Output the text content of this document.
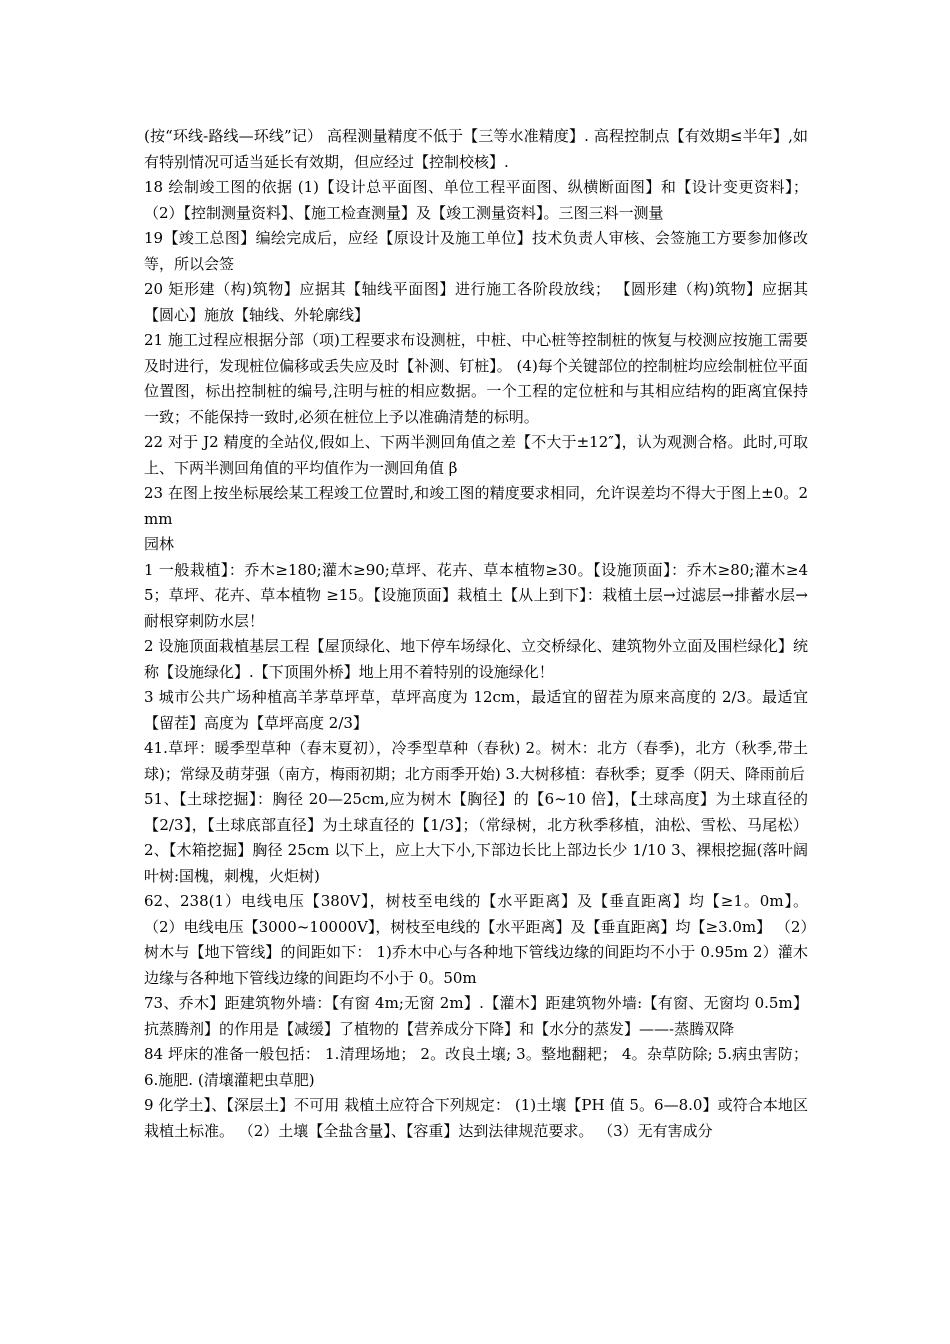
(按“环线-路线—环线”记） 高程测量精度不低于【三等水准精度】. 高程控制点【有效期≤半年】,如有特别情况可适当延长有效期，但应经过【控制校核】.

18 绘制竣工图的依据 (1)【设计总平面图、单位工程平面图、纵横断面图】和【设计变更资料】；（2）【控制测量资料】、【施工检查测量】及【竣工测量资料】。三图三料一测量

19【竣工总图】编绘完成后，应经【原设计及施工单位】技术负责人审核、会签施工方要参加修改等，所以会签

20 矩形建（构)筑物】应据其【轴线平面图】进行施工各阶段放线； 【圆形建（构)筑物】应据其【圆心】施放【轴线、外轮廓线】

21 施工过程应根据分部（项)工程要求布设测桩，中桩、中心桩等控制桩的恢复与校测应按施工需要及时进行，发现桩位偏移或丢失应及时【补测、钉桩】。 (4)每个关键部位的控制桩均应绘制桩位平面位置图，标出控制桩的编号,注明与桩的相应数据。一个工程的定位桩和与其相应结构的距离宜保持一致；不能保持一致时,必须在桩位上予以准确清楚的标明。

22 对于 J2 精度的全站仪,假如上、下两半测回角值之差【不大于±12″】，认为观测合格。此时,可取上、下两半测回角值的平均值作为一测回角值 β

23 在图上按坐标展绘某工程竣工位置时,和竣工图的精度要求相同，允许误差均不得大于图上±0。2mm

园林

1 一般栽植】：乔木≥180;灌木≥90;草坪、花卉、草本植物≥30。【设施顶面】：乔木≥80;灌木≥45；草坪、花卉、草本植物 ≥15。【设施顶面】栽植土【从上到下】：栽植土层→过滤层→排蓄水层→耐根穿刺防水层！

2 设施顶面栽植基层工程【屋顶绿化、地下停车场绿化、立交桥绿化、建筑物外立面及围栏绿化】统称【设施绿化】.【下顶围外桥】地上用不着特别的设施绿化！

3 城市公共广场种植高羊茅草坪草，草坪高度为 12cm，最适宜的留茬为原来高度的 2/3。最适宜【留茬】高度为【草坪高度 2/3】

41.草坪：暖季型草种（春末夏初），冷季型草种（春秋) 2。树木：北方（春季)，北方（秋季,带土球)；常绿及萌芽强（南方，梅雨初期；北方雨季开始) 3.大树移植：春秋季；夏季（阴天、降雨前后

51、【土球挖掘】：胸径 20—25cm,应为树木【胸径】的【6~10 倍】，【土球高度】为土球直径的【2/3】，【土球底部直径】为土球直径的【1/3】；（常绿树，北方秋季移植，油松、雪松、马尾松） 2、【木箱挖掘】胸径 25cm 以下上，应上大下小,下部边长比上部边长少 1/10 3、裸根挖掘(落叶阔叶树:国槐，刺槐，火炬树)

62、238(1）电线电压【380V】，树枝至电线的【水平距离】及【垂直距离】均【≥1。0m】。 （2）电线电压【3000~10000V】，树枝至电线的【水平距离】及【垂直距离】均【≥3.0m】 （2）树木与【地下管线】的间距如下： 1)乔木中心与各种地下管线边缘的间距均不小于 0.95m 2）灌木边缘与各种地下管线边缘的间距均不小于 0。50m

73、乔木】距建筑物外墙：【有窗 4m;无窗 2m】.【灌木】距建筑物外墙:【有窗、无窗均 0.5m】抗蒸腾剂】的作用是【减缓】了植物的【营养成分下降】和【水分的蒸发】——-蒸腾双降

84 坪床的准备一般包括： 1.清理场地； 2。改良土壤; 3。整地翻耙； 4。杂草防除; 5.病虫害防； 6.施肥. (清壤灌耙虫草肥)

9 化学土】、【深层土】不可用 栽植土应符合下列规定： (1)土壤【PH 值 5。6—8.0】或符合本地区栽植土标准。 （2）土壤【全盐含量】、【容重】达到法律规范要求。 （3）无有害成分
